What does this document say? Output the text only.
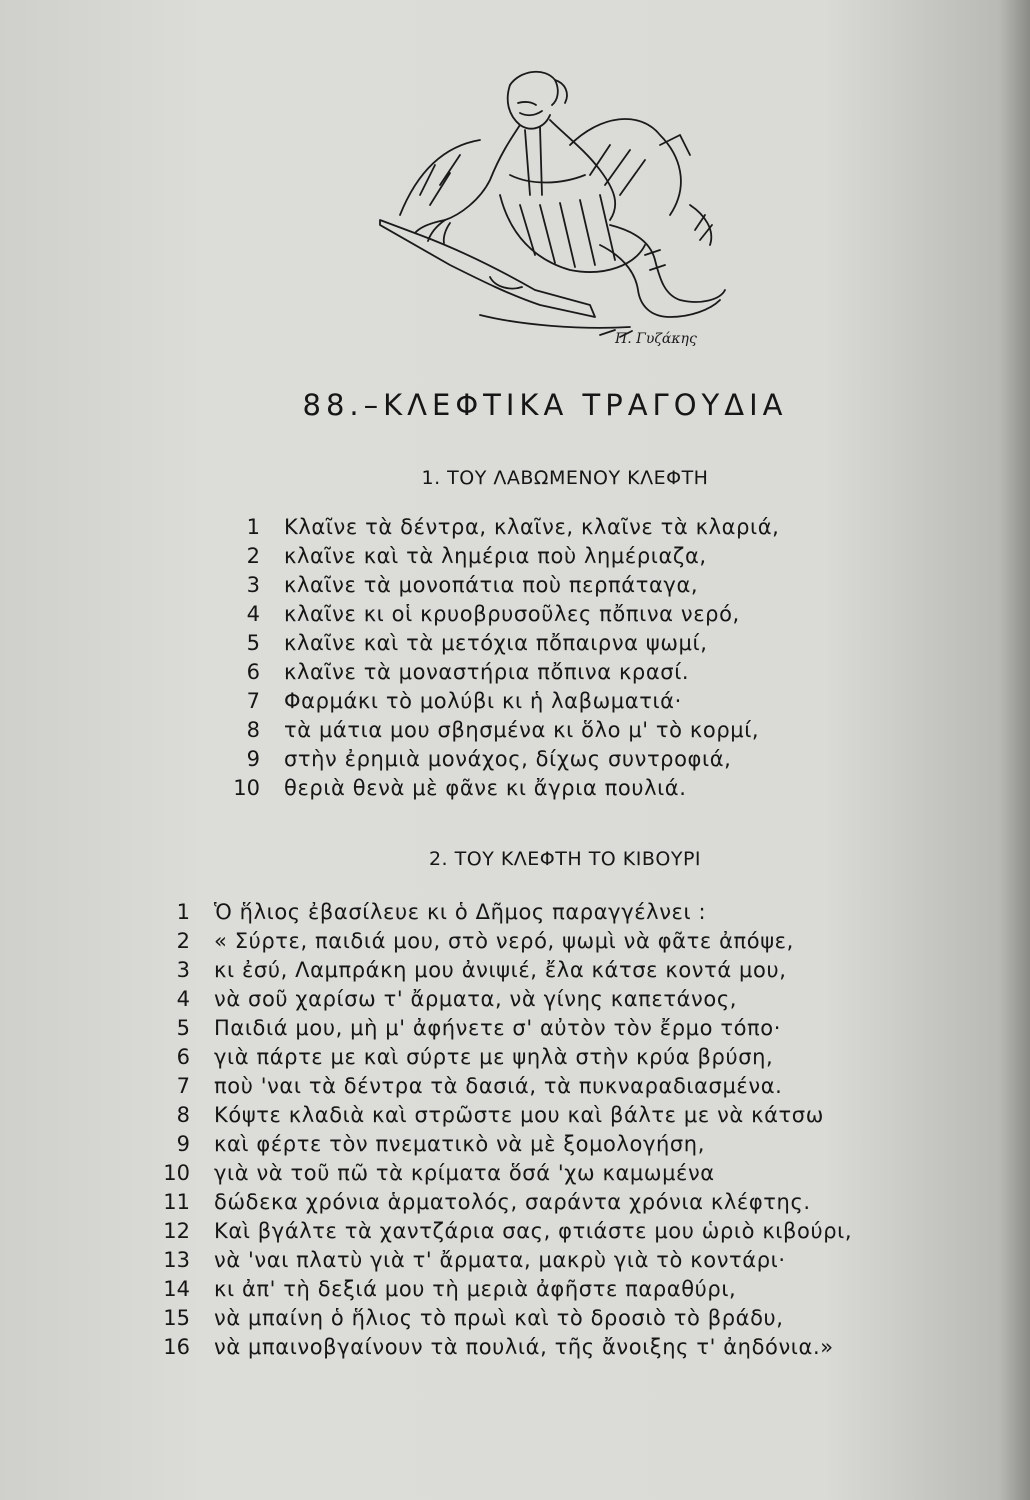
Π. Γυζάκης
88.–ΚΛΕΦΤΙΚΑ ΤΡΑΓΟΥΔΙΑ
1. ΤΟΥ ΛΑΒΩΜΕΝΟΥ ΚΛΕΦΤΗ
1 Κλαῖνε τὰ δέντρα, κλαῖνε, κλαῖνε τὰ κλαριά,
2 κλαῖνε καὶ τὰ λημέρια ποὺ λημέριαζα,
3 κλαῖνε τὰ μονοπάτια ποὺ περπάταγα,
4 κλαῖνε κι οἱ κρυοβρυσοῦλες πὄπινα νερό,
5 κλαῖνε καὶ τὰ μετόχια πὄπαιρνα ψωμί,
6 κλαῖνε τὰ μοναστήρια πὄπινα κρασί.
7 Φαρμάκι τὸ μολύβι κι ἡ λαβωματιά·
8 τὰ μάτια μου σβησμένα κι ὅλο μ' τὸ κορμί,
9 στὴν ἐρημιὰ μονάχος, δίχως συντροφιά,
10 θεριὰ θενὰ μὲ φᾶνε κι ἄγρια πουλιά.
2. ΤΟΥ ΚΛΕΦΤΗ ΤΟ ΚΙΒΟΥΡΙ
1 Ὁ ἥλιος ἐβασίλευε κι ὁ Δῆμος παραγγέλνει :
2 « Σύρτε, παιδιά μου, στὸ νερό, ψωμὶ νὰ φᾶτε ἀπόψε,
3 κι ἐσύ, Λαμπράκη μου ἀνιψιέ, ἔλα κάτσε κοντά μου,
4 νὰ σοῦ χαρίσω τ' ἄρματα, νὰ γίνης καπετάνος,
5 Παιδιά μου, μὴ μ' ἀφήνετε σ' αὐτὸν τὸν ἔρμο τόπο·
6 γιὰ πάρτε με καὶ σύρτε με ψηλὰ στὴν κρύα βρύση,
7 ποὺ 'ναι τὰ δέντρα τὰ δασιά, τὰ πυκναραδιασμένα.
8 Κόψτε κλαδιὰ καὶ στρῶστε μου καὶ βάλτε με νὰ κάτσω
9 καὶ φέρτε τὸν πνεματικὸ νὰ μὲ ξομολογήση,
10 γιὰ νὰ τοῦ πῶ τὰ κρίματα ὅσά 'χω καμωμένα
11 δώδεκα χρόνια ἁρματολός, σαράντα χρόνια κλέφτης.
12 Καὶ βγάλτε τὰ χαντζάρια σας, φτιάστε μου ὡριὸ κιβούρι,
13 νὰ 'ναι πλατὺ γιὰ τ' ἄρματα, μακρὺ γιὰ τὸ κοντάρι·
14 κι ἀπ' τὴ δεξιά μου τὴ μεριὰ ἀφῆστε παραθύρι,
15 νὰ μπαίνη ὁ ἥλιος τὸ πρωὶ καὶ τὸ δροσιὸ τὸ βράδυ,
16 νὰ μπαινοβγαίνουν τὰ πουλιά, τῆς ἄνοιξης τ' ἀηδόνια.»
